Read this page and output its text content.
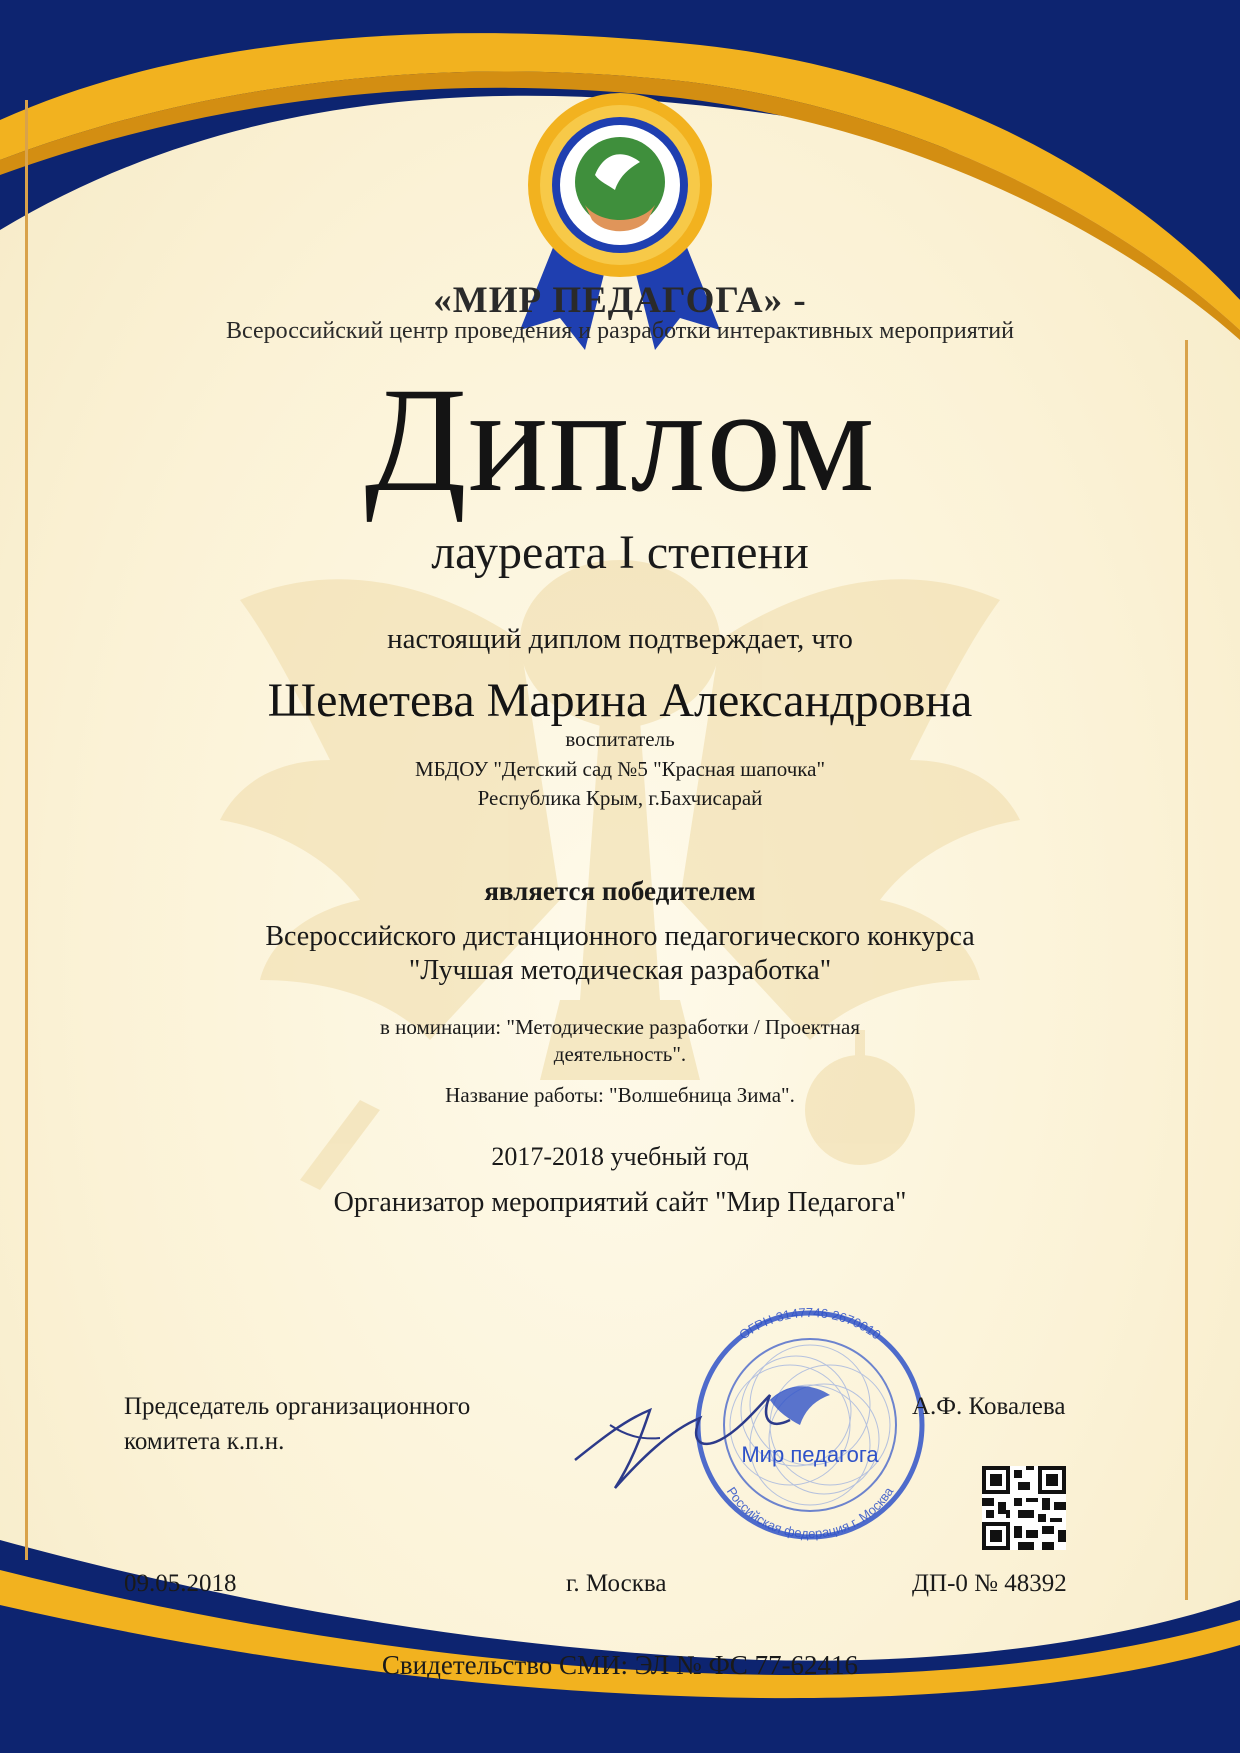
«МИР ПЕДАГОГА» -
Всероссийский центр проведения и разработки интерактивных мероприятий
Диплом
лауреата I степени
настоящий диплом подтверждает, что
Шеметева Марина Александровна
воспитатель
МБДОУ "Детский сад №5 "Красная шапочка"
Республика Крым, г.Бахчисарай
является победителем
Всероссийского дистанционного педагогического конкурса
"Лучшая методическая разработка"
в номинации: "Методические разработки / Проектная
деятельность".
Название работы: "Волшебница Зима".
2017-2018 учебный год
Организатор мероприятий сайт "Мир Педагога"
ОГРН 3147746 2670010
Российская федерация г. Москва
Мир педагога
Председатель организационного
комитета к.п.н.
А.Ф. Ковалева
09.05.2018	г. Москва	ДП-0 № 48392
Свидетельство СМИ: ЭЛ № ФС 77-62416
